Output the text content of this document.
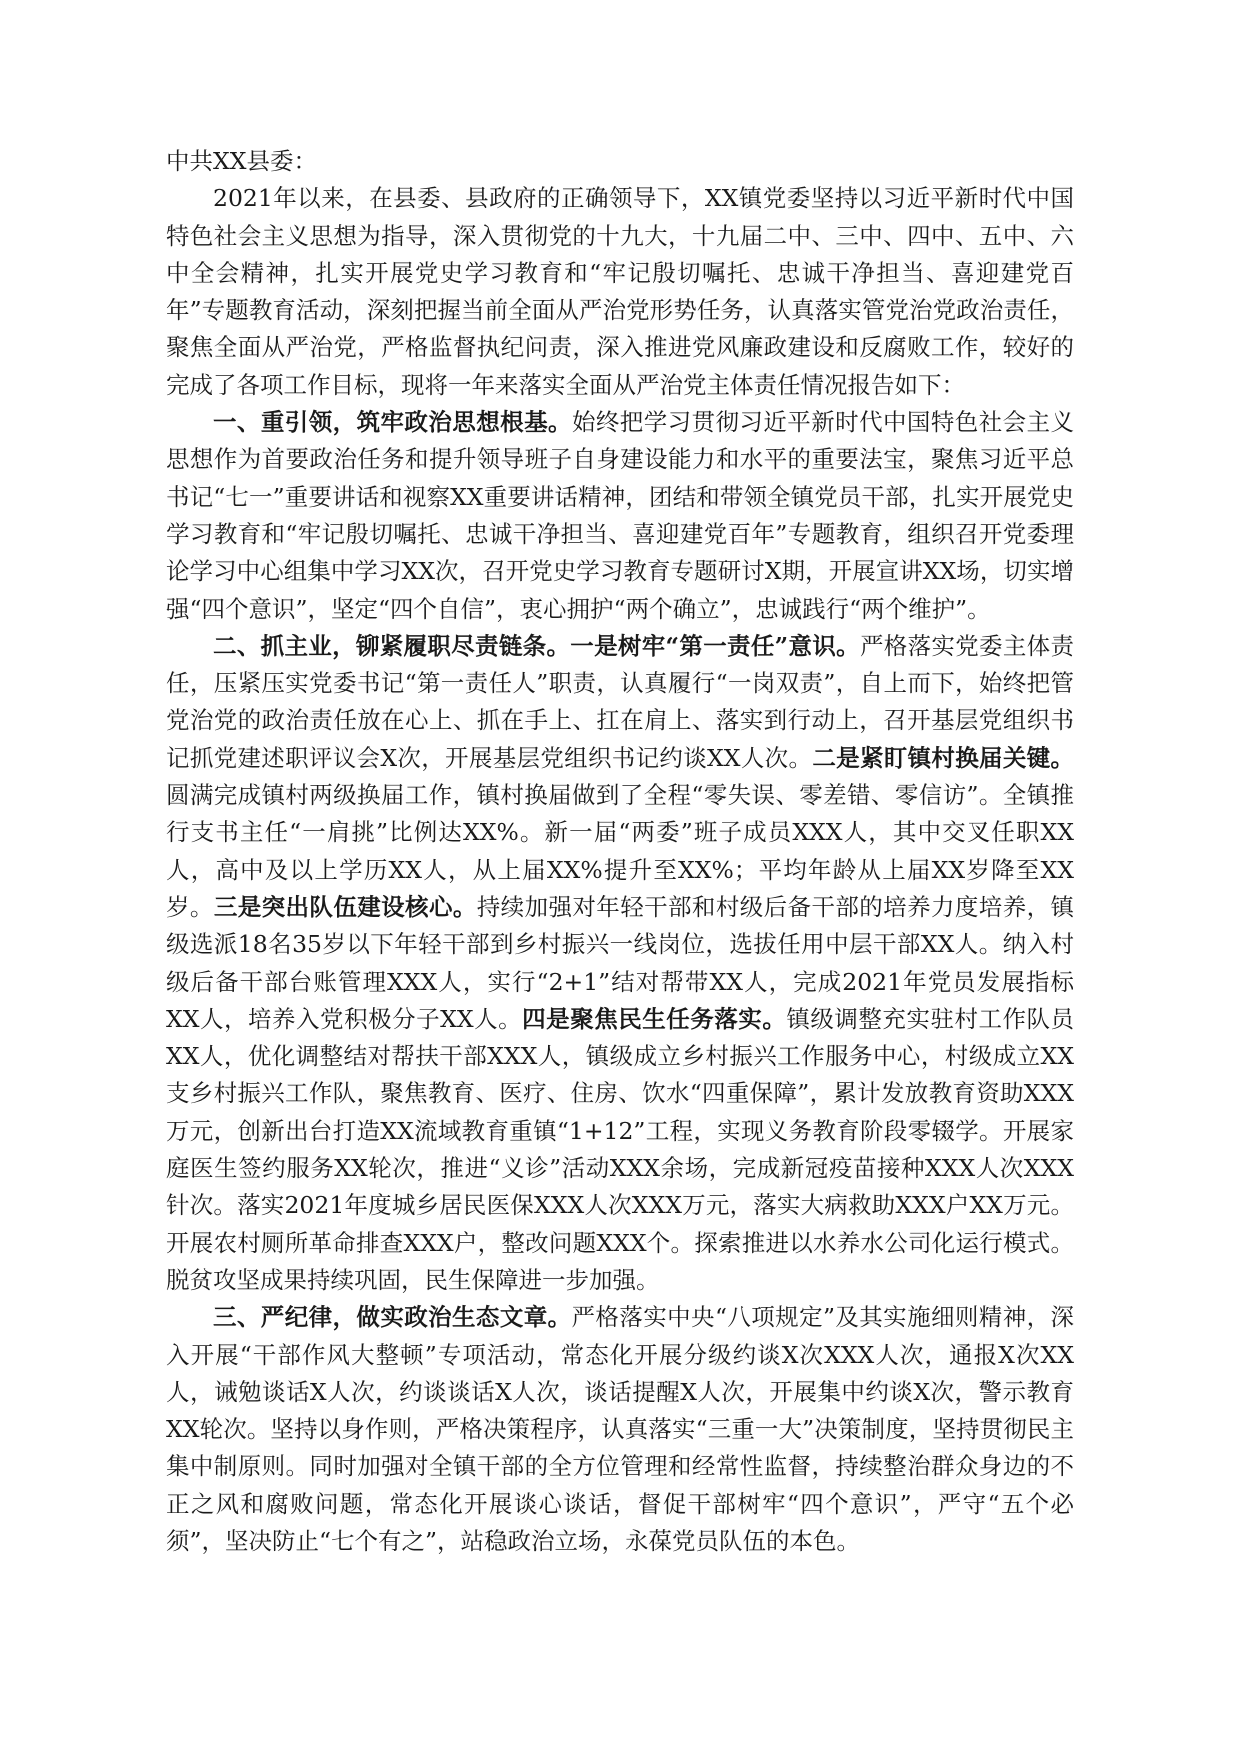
中共XX县委：

2021年以来，在县委、县政府的正确领导下，XX镇党委坚持以习近平新时代中国特色社会主义思想为指导，深入贯彻党的十九大，十九届二中、三中、四中、五中、六中全会精神，扎实开展党史学习教育和“牢记殷切嘱托、忠诚干净担当、喜迎建党百年”专题教育活动，深刻把握当前全面从严治党形势任务，认真落实管党治党政治责任，聚焦全面从严治党，严格监督执纪问责，深入推进党风廉政建设和反腐败工作，较好的完成了各项工作目标，现将一年来落实全面从严治党主体责任情况报告如下：

一、重引领，筑牢政治思想根基。始终把学习贯彻习近平新时代中国特色社会主义思想作为首要政治任务和提升领导班子自身建设能力和水平的重要法宝，聚焦习近平总书记“七一”重要讲话和视察XX重要讲话精神，团结和带领全镇党员干部，扎实开展党史学习教育和“牢记殷切嘱托、忠诚干净担当、喜迎建党百年”专题教育，组织召开党委理论学习中心组集中学习XX次，召开党史学习教育专题研讨X期，开展宣讲XX场，切实增强“四个意识”，坚定“四个自信”，衷心拥护“两个确立”，忠诚践行“两个维护”。

二、抓主业，铆紧履职尽责链条。一是树牢“第一责任”意识。严格落实党委主体责任，压紧压实党委书记“第一责任人”职责，认真履行“一岗双责”，自上而下，始终把管党治党的政治责任放在心上、抓在手上、扛在肩上、落实到行动上，召开基层党组织书记抓党建述职评议会X次，开展基层党组织书记约谈XX人次。二是紧盯镇村换届关键。圆满完成镇村两级换届工作，镇村换届做到了全程“零失误、零差错、零信访”。全镇推行支书主任“一肩挑”比例达XX%。新一届“两委”班子成员XXX人，其中交叉任职XX人，高中及以上学历XX人，从上届XX%提升至XX%；平均年龄从上届XX岁降至XX岁。三是突出队伍建设核心。持续加强对年轻干部和村级后备干部的培养力度培养，镇级选派18名35岁以下年轻干部到乡村振兴一线岗位，选拔任用中层干部XX人。纳入村级后备干部台账管理XXX人，实行“2+1”结对帮带XX人，完成2021年党员发展指标XX人，培养入党积极分子XX人。四是聚焦民生任务落实。镇级调整充实驻村工作队员XX人，优化调整结对帮扶干部XXX人，镇级成立乡村振兴工作服务中心，村级成立XX支乡村振兴工作队，聚焦教育、医疗、住房、饮水“四重保障”，累计发放教育资助XXX万元，创新出台打造XX流域教育重镇“1+12”工程，实现义务教育阶段零辍学。开展家庭医生签约服务XX轮次，推进“义诊”活动XXX余场，完成新冠疫苗接种XXX人次XXX针次。落实2021年度城乡居民医保XXX人次XXX万元，落实大病救助XXX户XX万元。开展农村厕所革命排查XXX户，整改问题XXX个。探索推进以水养水公司化运行模式。脱贫攻坚成果持续巩固，民生保障进一步加强。

三、严纪律，做实政治生态文章。严格落实中央“八项规定”及其实施细则精神，深入开展“干部作风大整顿”专项活动，常态化开展分级约谈X次XXX人次，通报X次XX人，诫勉谈话X人次，约谈谈话X人次，谈话提醒X人次，开展集中约谈X次，警示教育XX轮次。坚持以身作则，严格决策程序，认真落实“三重一大”决策制度，坚持贯彻民主集中制原则。同时加强对全镇干部的全方位管理和经常性监督，持续整治群众身边的不正之风和腐败问题，常态化开展谈心谈话，督促干部树牢“四个意识”，严守“五个必须”，坚决防止“七个有之”，站稳政治立场，永葆党员队伍的本色。
